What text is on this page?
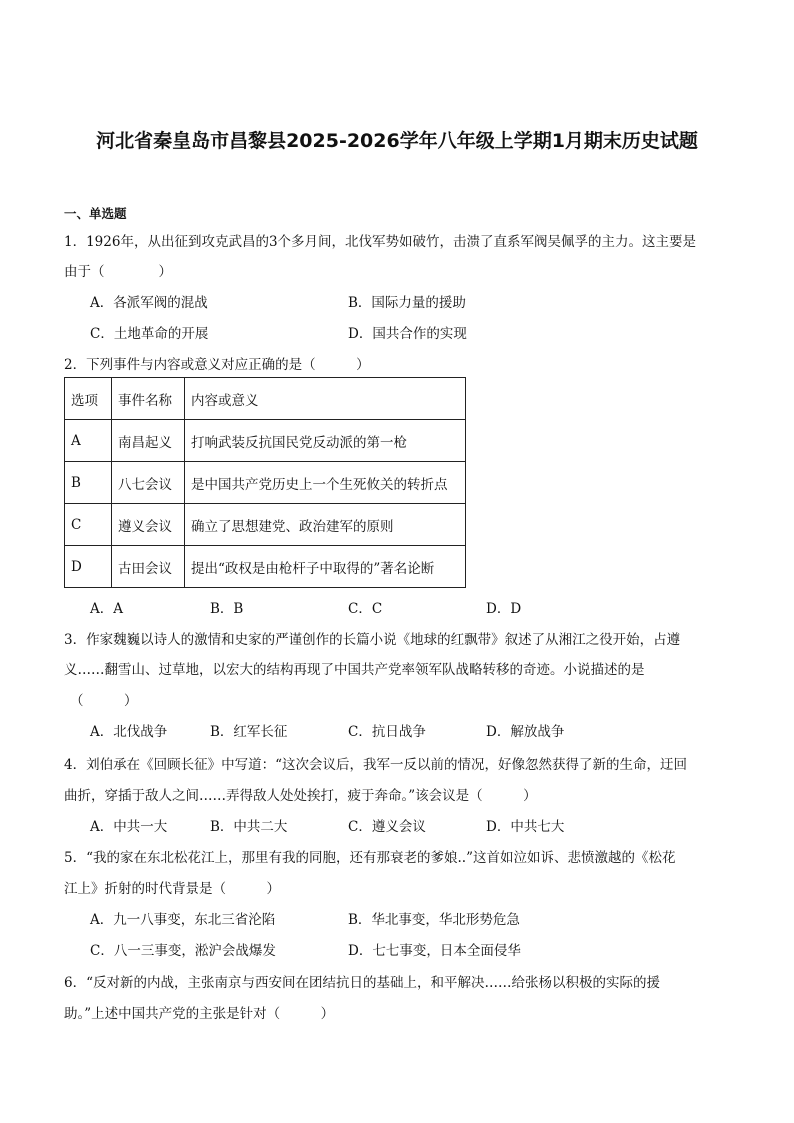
河北省秦皇岛市昌黎县2025-2026学年八年级上学期1月期末历史试题
一、单选题
1．1926年，从出征到攻克武昌的3个多月间，北伐军势如破竹，击溃了直系军阀吴佩孚的主力。这主要是
由于（　　　　）
A．各派军阀的混战	B．国际力量的援助
C．土地革命的开展	D．国共合作的实现
2．下列事件与内容或意义对应正确的是（　　　）
选项	事件名称	内容或意义
A	南昌起义	打响武装反抗国民党反动派的第一枪
B	八七会议	是中国共产党历史上一个生死攸关的转折点
C	遵义会议	确立了思想建党、政治建军的原则
D	古田会议	提出“政权是由枪杆子中取得的”著名论断
A．A	B．B	C．C	D．D
3．作家魏巍以诗人的激情和史家的严谨创作的长篇小说《地球的红飘带》叙述了从湘江之役开始，占遵
义……翻雪山、过草地，以宏大的结构再现了中国共产党率领军队战略转移的奇迹。小说描述的是
（　　　）
A．北伐战争	B．红军长征	C．抗日战争	D．解放战争
4．刘伯承在《回顾长征》中写道：“这次会议后，我军一反以前的情况，好像忽然获得了新的生命，迂回
曲折，穿插于敌人之间……弄得敌人处处挨打，疲于奔命。”该会议是（　　　）
A．中共一大	B．中共二大	C．遵义会议	D．中共七大
5．“我的家在东北松花江上，那里有我的同胞，还有那衰老的爹娘..”这首如泣如诉、悲愤激越的《松花
江上》折射的时代背景是（　　　）
A．九一八事变，东北三省沦陷	B．华北事变，华北形势危急
C．八一三事变，淞沪会战爆发	D．七七事变，日本全面侵华
6．“反对新的内战，主张南京与西安间在团结抗日的基础上，和平解决……给张杨以积极的实际的援
助。”上述中国共产党的主张是针对（　　　）
